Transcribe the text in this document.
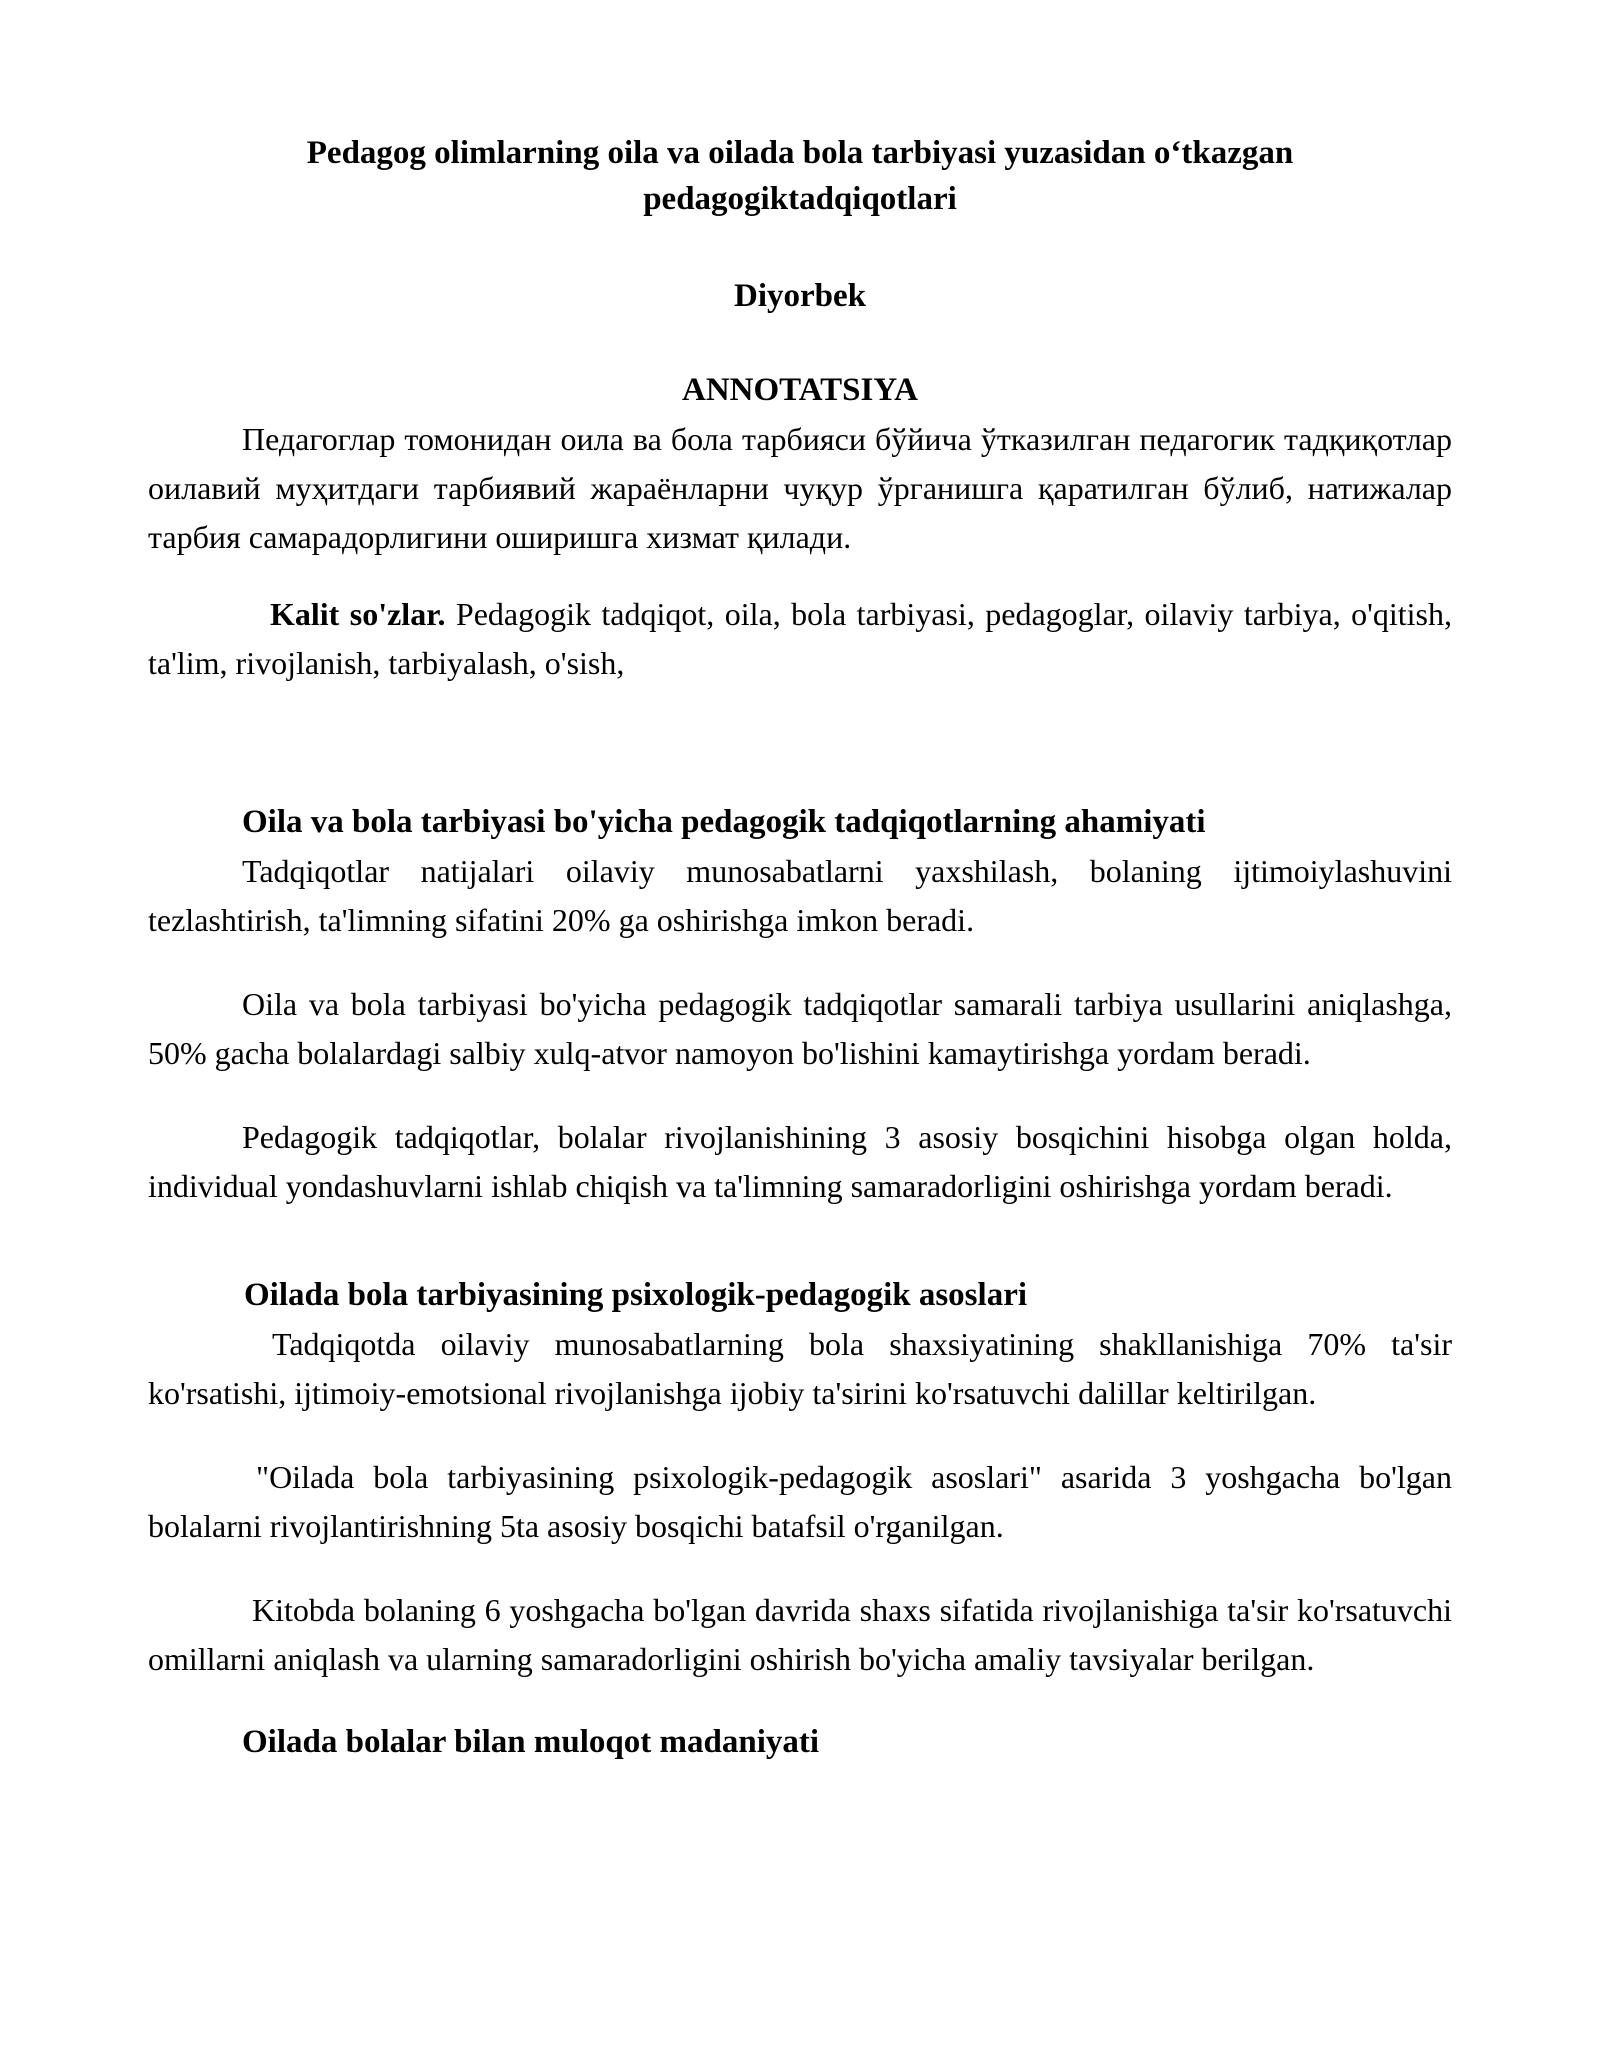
Pedagog olimlarning oila va oilada bola tarbiyasi yuzasidan o‘tkazgan
pedagogiktadqiqotlari
Diyorbek
ANNOTATSIYA

Педагоглар томонидан оила ва бола тарбияси бўйича ўтказилган педагогик тадқиқотлар оилавий муҳитдаги тарбиявий жараёнларни чуқур ўрганишга қаратилган бўлиб, натижалар тарбия самарадорлигини оширишга хизмат қилади.

Kalit so'zlar. Pedagogik tadqiqot, oila, bola tarbiyasi, pedagoglar, oilaviy tarbiya, o'qitish, ta'lim, rivojlanish, tarbiyalash, o'sish,

Oila va bola tarbiyasi bo'yicha pedagogik tadqiqotlarning ahamiyati

Tadqiqotlar natijalari oilaviy munosabatlarni yaxshilash, bolaning ijtimoiylashuvini tezlashtirish, ta'limning sifatini 20% ga oshirishga imkon beradi.

Oila va bola tarbiyasi bo'yicha pedagogik tadqiqotlar samarali tarbiya usullarini aniqlashga, 50% gacha bolalardagi salbiy xulq-atvor namoyon bo'lishini kamaytirishga yordam beradi.

Pedagogik tadqiqotlar, bolalar rivojlanishining 3 asosiy bosqichini hisobga olgan holda, individual yondashuvlarni ishlab chiqish va ta'limning samaradorligini oshirishga yordam beradi.

Oilada bola tarbiyasining psixologik-pedagogik asoslari

Tadqiqotda oilaviy munosabatlarning bola shaxsiyatining shakllanishiga 70% ta'sir ko'rsatishi, ijtimoiy-emotsional rivojlanishga ijobiy ta'sirini ko'rsatuvchi dalillar keltirilgan.

"Oilada bola tarbiyasining psixologik-pedagogik asoslari" asarida 3 yoshgacha bo'lgan bolalarni rivojlantirishning 5ta asosiy bosqichi batafsil o'rganilgan.

Kitobda bolaning 6 yoshgacha bo'lgan davrida shaxs sifatida rivojlanishiga ta'sir ko'rsatuvchi omillarni aniqlash va ularning samaradorligini oshirish bo'yicha amaliy tavsiyalar berilgan.

Oilada bolalar bilan muloqot madaniyati
